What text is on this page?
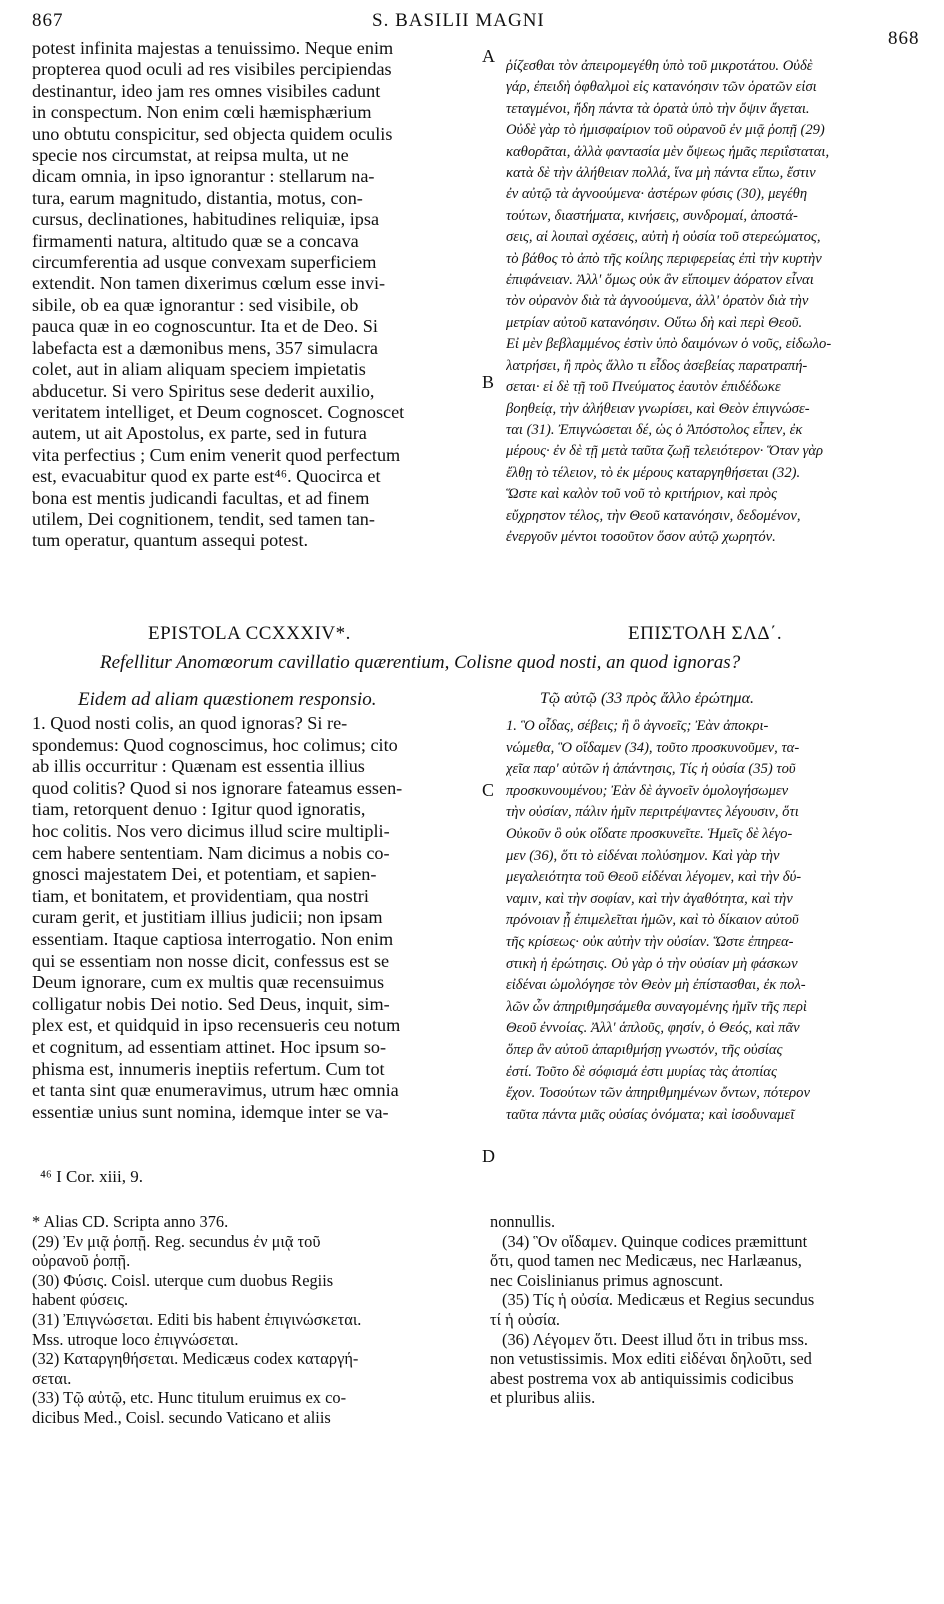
867	S. BASILII MAGNI
868
A
B
C
D
potest infinita majestas a tenuissimo. Neque enim
propterea quod oculi ad res visibiles percipiendas
destinantur, ideo jam res omnes visibiles cadunt
in conspectum. Non enim cœli hæmisphærium
uno obtutu conspicitur, sed objecta quidem oculis
specie nos circumstat, at reipsa multa, ut ne
dicam omnia, in ipso ignorantur : stellarum na-
tura, earum magnitudo, distantia, motus, con-
cursus, declinationes, habitudines reliquiæ, ipsa
firmamenti natura, altitudo quæ se a concava
circumferentia ad usque convexam superficiem
extendit. Non tamen dixerimus cœlum esse invi-
sibile, ob ea quæ ignorantur : sed visibile, ob
pauca quæ in eo cognoscuntur. Ita et de Deo. Si
labefacta est a dæmonibus mens, 357 simulacra
colet, aut in aliam aliquam speciem impietatis
abducetur. Si vero Spiritus sese dederit auxilio,
veritatem intelliget, et Deum cognoscet. Cognoscet
autem, ut ait Apostolus, ex parte, sed in futura
vita perfectius ; Cum enim venerit quod perfectum
est, evacuabitur quod ex parte est⁴⁶. Quocirca et
bona est mentis judicandi facultas, et ad finem
utilem, Dei cognitionem, tendit, sed tamen tan-
tum operatur, quantum assequi potest.
ῥίζεσθαι τὸν ἀπειρομεγέθη ὑπὸ τοῦ μικροτάτου. Οὐδὲ
γάρ, ἐπειδὴ ὀφθαλμοὶ εἰς κατανόησιν τῶν ὁρατῶν εἰσι
τεταγμένοι, ἤδη πάντα τὰ ὁρατὰ ὑπὸ τὴν ὄψιν ἄγεται.
Οὐδὲ γὰρ τὸ ἡμισφαίριον τοῦ οὐρανοῦ ἐν μιᾷ ῥοπῇ (29)
καθορᾶται, ἀλλὰ φαντασία μὲν ὄψεως ἡμᾶς περιΐσταται,
κατὰ δὲ τὴν ἀλήθειαν πολλά, ἵνα μὴ πάντα εἴπω, ἔστιν
ἐν αὐτῷ τὰ ἀγνοούμενα· ἀστέρων φύσις (30), μεγέθη
τούτων, διαστήματα, κινήσεις, συνδρομαί, ἀποστά-
σεις, αἱ λοιπαὶ σχέσεις, αὐτὴ ἡ οὐσία τοῦ στερεώματος,
τὸ βάθος τὸ ἀπὸ τῆς κοίλης περιφερείας ἐπὶ τὴν κυρτὴν
ἐπιφάνειαν. Ἀλλ' ὅμως οὐκ ἂν εἴποιμεν ἀόρατον εἶναι
τὸν οὐρανὸν διὰ τὰ ἀγνοούμενα, ἀλλ' ὁρατὸν διὰ τὴν
μετρίαν αὐτοῦ κατανόησιν. Οὕτω δὴ καὶ περὶ Θεοῦ.
Εἰ μὲν βεβλαμμένος ἐστὶν ὑπὸ δαιμόνων ὁ νοῦς, εἰδωλο-
λατρήσει, ἢ πρὸς ἄλλο τι εἶδος ἀσεβείας παρατραπή-
σεται· εἰ δὲ τῇ τοῦ Πνεύματος ἑαυτὸν ἐπιδέδωκε
βοηθείᾳ, τὴν ἀλήθειαν γνωρίσει, καὶ Θεὸν ἐπιγνώσε-
ται (31). Ἐπιγνώσεται δέ, ὡς ὁ Ἀπόστολος εἶπεν, ἐκ
μέρους· ἐν δὲ τῇ μετὰ ταῦτα ζωῇ τελειότερον· Ὅταν γὰρ
ἔλθῃ τὸ τέλειον, τὸ ἐκ μέρους καταργηθήσεται (32).
Ὥστε καὶ καλὸν τοῦ νοῦ τὸ κριτήριον, καὶ πρὸς
εὔχρηστον τέλος, τὴν Θεοῦ κατανόησιν, δεδομένον,
ἐνεργοῦν μέντοι τοσοῦτον ὅσον αὐτῷ χωρητόν.
EPISTOLA CCXXXIV*.	ΕΠΙΣΤΟΛΗ ΣΛΔ΄.
Refellitur Anomœorum cavillatio quærentium, Colisne quod nosti, an quod ignoras?
Eidem ad aliam quæstionem responsio.	Τῷ αὐτῷ (33 πρὸς ἄλλο ἐρώτημα.
1. Quod nosti colis, an quod ignoras? Si re-
spondemus: Quod cognoscimus, hoc colimus; cito
ab illis occurritur : Quænam est essentia illius
quod colitis? Quod si nos ignorare fateamus essen-
tiam, retorquent denuo : Igitur quod ignoratis,
hoc colitis. Nos vero dicimus illud scire multipli-
cem habere sententiam. Nam dicimus a nobis co-
gnosci majestatem Dei, et potentiam, et sapien-
tiam, et bonitatem, et providentiam, qua nostri
curam gerit, et justitiam illius judicii; non ipsam
essentiam. Itaque captiosa interrogatio. Non enim
qui se essentiam non nosse dicit, confessus est se
Deum ignorare, cum ex multis quæ recensuimus
colligatur nobis Dei notio. Sed Deus, inquit, sim-
plex est, et quidquid in ipso recensueris ceu notum
et cognitum, ad essentiam attinet. Hoc ipsum so-
phisma est, innumeris ineptiis refertum. Cum tot
et tanta sint quæ enumeravimus, utrum hæc omnia
essentiæ unius sunt nomina, idemque inter se va-
1. Ὃ οἶδας, σέβεις; ἢ ὃ ἀγνοεῖς; Ἐὰν ἀποκρι-
νώμεθα, Ὃ οἴδαμεν (34), τοῦτο προσκυνοῦμεν, τα-
χεῖα παρ' αὐτῶν ἡ ἀπάντησις, Τίς ἡ οὐσία (35) τοῦ
προσκυνουμένου; Ἐὰν δὲ ἀγνοεῖν ὁμολογήσωμεν
τὴν οὐσίαν, πάλιν ἡμῖν περιτρέψαντες λέγουσιν, ὅτι
Οὐκοῦν ὃ οὐκ οἴδατε προσκυνεῖτε. Ἡμεῖς δὲ λέγο-
μεν (36), ὅτι τὸ εἰδέναι πολύσημον. Καὶ γὰρ τὴν
μεγαλειότητα τοῦ Θεοῦ εἰδέναι λέγομεν, καὶ τὴν δύ-
ναμιν, καὶ τὴν σοφίαν, καὶ τὴν ἀγαθότητα, καὶ τὴν
πρόνοιαν ᾗ ἐπιμελεῖται ἡμῶν, καὶ τὸ δίκαιον αὐτοῦ
τῆς κρίσεως· οὐκ αὐτὴν τὴν οὐσίαν. Ὥστε ἐπηρεα-
στικὴ ἡ ἐρώτησις. Οὐ γὰρ ὁ τὴν οὐσίαν μὴ φάσκων
εἰδέναι ὡμολόγησε τὸν Θεὸν μὴ ἐπίστασθαι, ἐκ πολ-
λῶν ὧν ἀπηριθμησάμεθα συναγομένης ἡμῖν τῆς περὶ
Θεοῦ ἐννοίας. Ἀλλ' ἁπλοῦς, φησίν, ὁ Θεός, καὶ πᾶν
ὅπερ ἂν αὐτοῦ ἀπαριθμήσῃ γνωστόν, τῆς οὐσίας
ἐστί. Τοῦτο δὲ σόφισμά ἐστι μυρίας τὰς ἀτοπίας
ἔχον. Τοσούτων τῶν ἀπηριθμημένων ὄντων, πότερον
ταῦτα πάντα μιᾶς οὐσίας ὀνόματα; καὶ ἰσοδυναμεῖ
⁴⁶ I Cor. xiii, 9.
* Alias CD. Scripta anno 376.
(29) Ἐν μιᾷ ῥοπῇ. Reg. secundus ἐν μιᾷ τοῦ
οὐρανοῦ ῥοπῇ.
(30) Φύσις. Coisl. uterque cum duobus Regiis
habent φύσεις.
(31) Ἐπιγνώσεται. Editi bis habent ἐπιγινώσκεται.
Mss. utroque loco ἐπιγνώσεται.
(32) Καταργηθήσεται. Medicæus codex καταργή-
σεται.
(33) Τῷ αὐτῷ, etc. Hunc titulum eruimus ex co-
dicibus Med., Coisl. secundo Vaticano et aliis
nonnullis.
(34) Ὃν οἴδαμεν. Quinque codices præmittunt
ὅτι, quod tamen nec Medicæus, nec Harlæanus,
nec Coislinianus primus agnoscunt.
(35) Τίς ἡ οὐσία. Medicæus et Regius secundus
τί ἡ οὐσία.
(36) Λέγομεν ὅτι. Deest illud ὅτι in tribus mss.
non vetustissimis. Mox editi εἰδέναι δηλοῦτι, sed
abest postrema vox ab antiquissimis codicibus
et pluribus aliis.
